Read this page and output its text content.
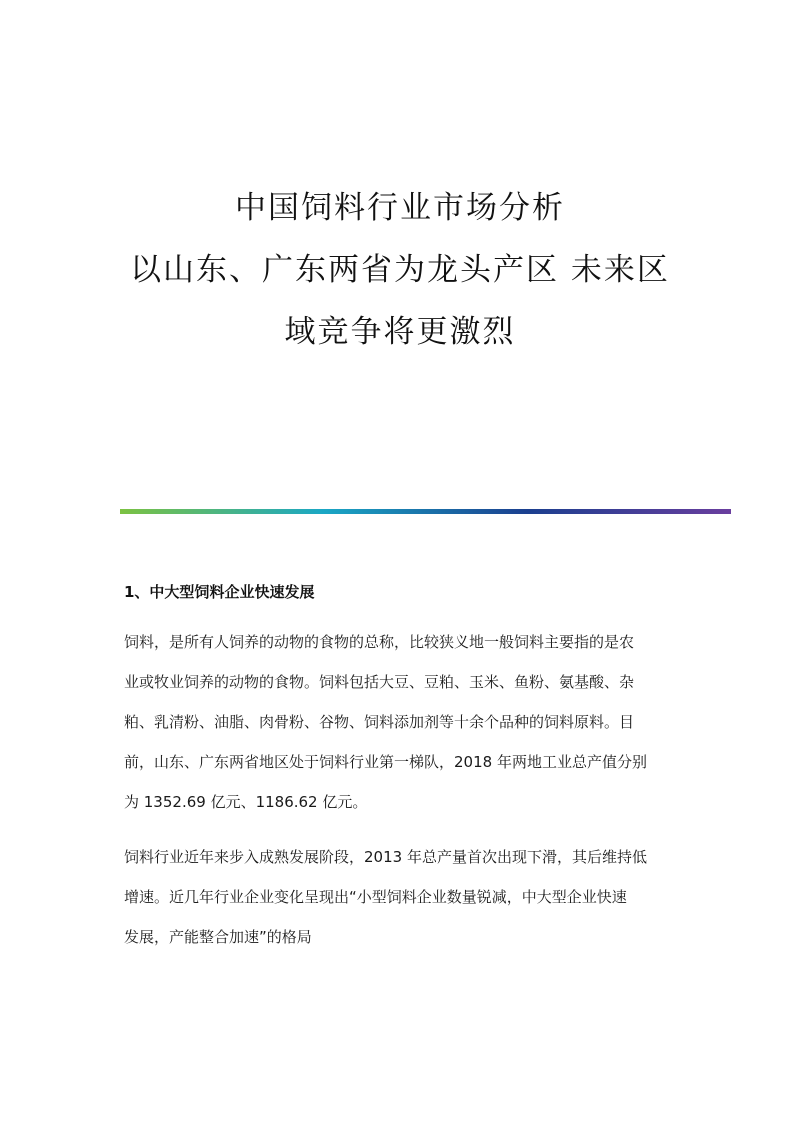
中国饲料行业市场分析

以山东、广东两省为龙头产区 未来区

域竞争将更激烈

1、中大型饲料企业快速发展

饲料，是所有人饲养的动物的食物的总称，比较狭义地一般饲料主要指的是农
业或牧业饲养的动物的食物。饲料包括大豆、豆粕、玉米、鱼粉、氨基酸、杂
粕、乳清粉、油脂、肉骨粉、谷物、饲料添加剂等十余个品种的饲料原料。目
前，山东、广东两省地区处于饲料行业第一梯队，2018 年两地工业总产值分别
为 1352.69 亿元、1186.62 亿元。

饲料行业近年来步入成熟发展阶段，2013 年总产量首次出现下滑，其后维持低
增速。近几年行业企业变化呈现出“小型饲料企业数量锐减，中大型企业快速
发展，产能整合加速”的格局
